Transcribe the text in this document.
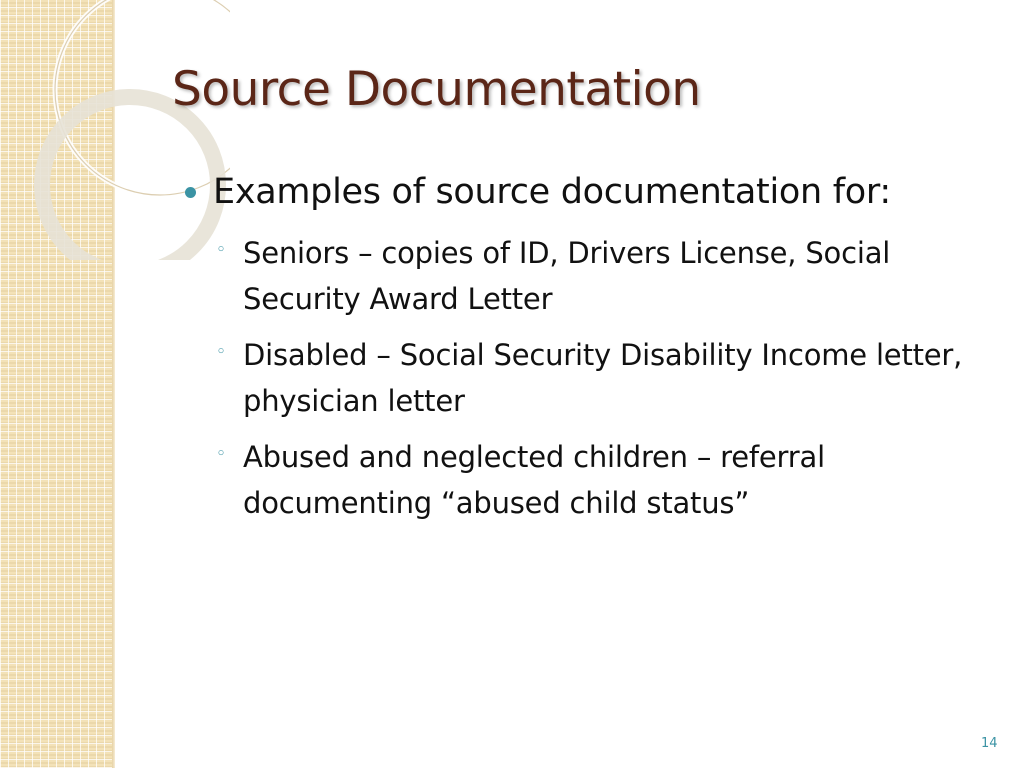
Source Documentation
Examples of source documentation for:
◦ Seniors – copies of ID, Drivers License, Social Security Award Letter
◦ Disabled – Social Security Disability Income letter, physician letter
◦ Abused and neglected children – referral documenting “abused child status”
14
